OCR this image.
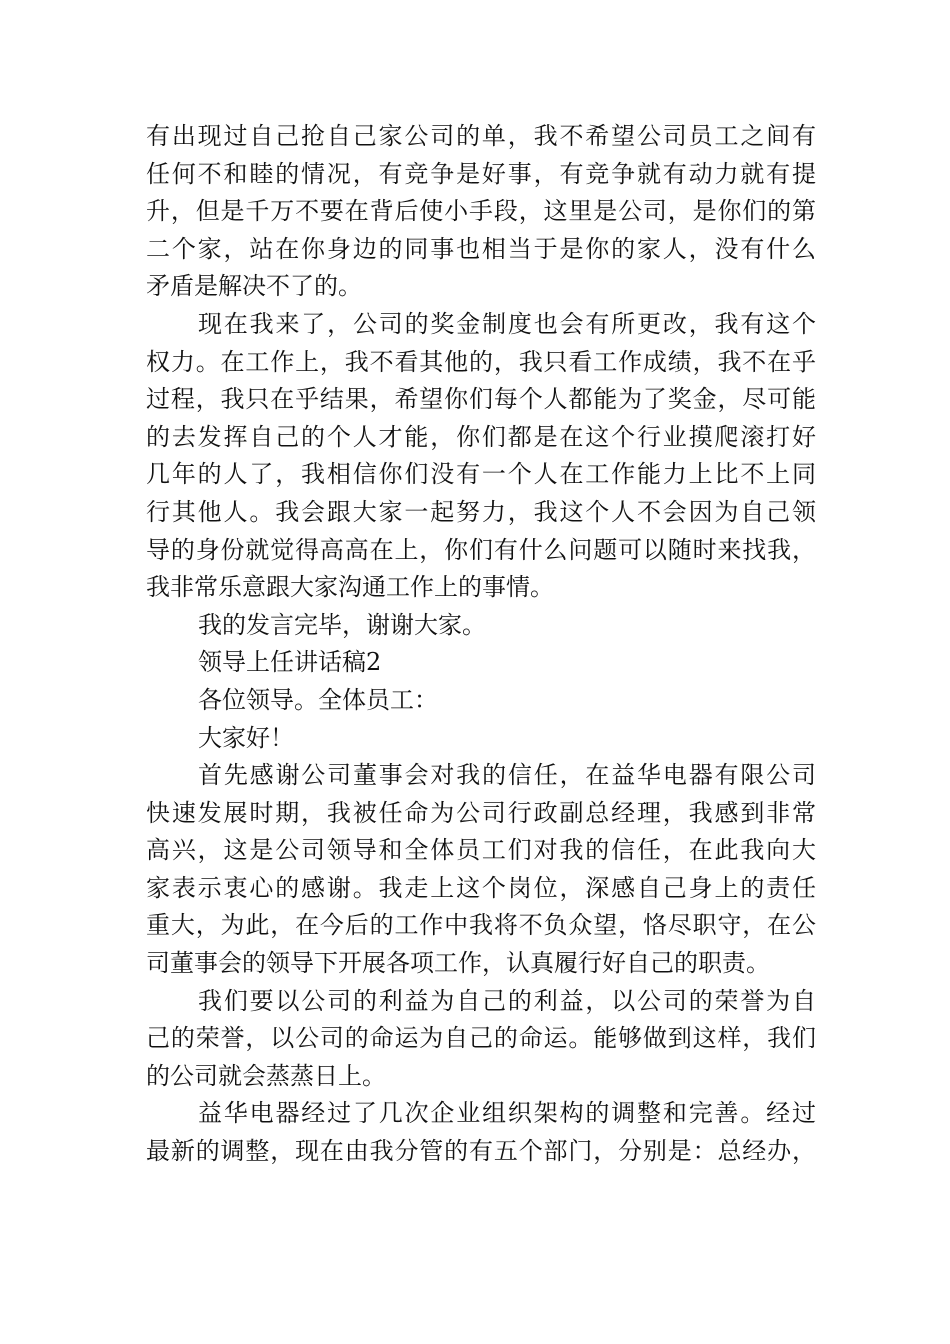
有出现过自己抢自己家公司的单，我不希望公司员工之间有
任何不和睦的情况，有竞争是好事，有竞争就有动力就有提
升，但是千万不要在背后使小手段，这里是公司，是你们的第
二个家，站在你身边的同事也相当于是你的家人，没有什么
矛盾是解决不了的。
现在我来了，公司的奖金制度也会有所更改，我有这个
权力。在工作上，我不看其他的，我只看工作成绩，我不在乎
过程，我只在乎结果，希望你们每个人都能为了奖金，尽可能
的去发挥自己的个人才能，你们都是在这个行业摸爬滚打好
几年的人了，我相信你们没有一个人在工作能力上比不上同
行其他人。我会跟大家一起努力，我这个人不会因为自己领
导的身份就觉得高高在上，你们有什么问题可以随时来找我，
我非常乐意跟大家沟通工作上的事情。
我的发言完毕，谢谢大家。
领导上任讲话稿2
各位领导。全体员工：
大家好！
首先感谢公司董事会对我的信任，在益华电器有限公司
快速发展时期，我被任命为公司行政副总经理，我感到非常
高兴，这是公司领导和全体员工们对我的信任，在此我向大
家表示衷心的感谢。我走上这个岗位，深感自己身上的责任
重大，为此，在今后的工作中我将不负众望，恪尽职守，在公
司董事会的领导下开展各项工作，认真履行好自己的职责。
我们要以公司的利益为自己的利益，以公司的荣誉为自
己的荣誉，以公司的命运为自己的命运。能够做到这样，我们
的公司就会蒸蒸日上。
益华电器经过了几次企业组织架构的调整和完善。经过
最新的调整，现在由我分管的有五个部门，分别是：总经办，
